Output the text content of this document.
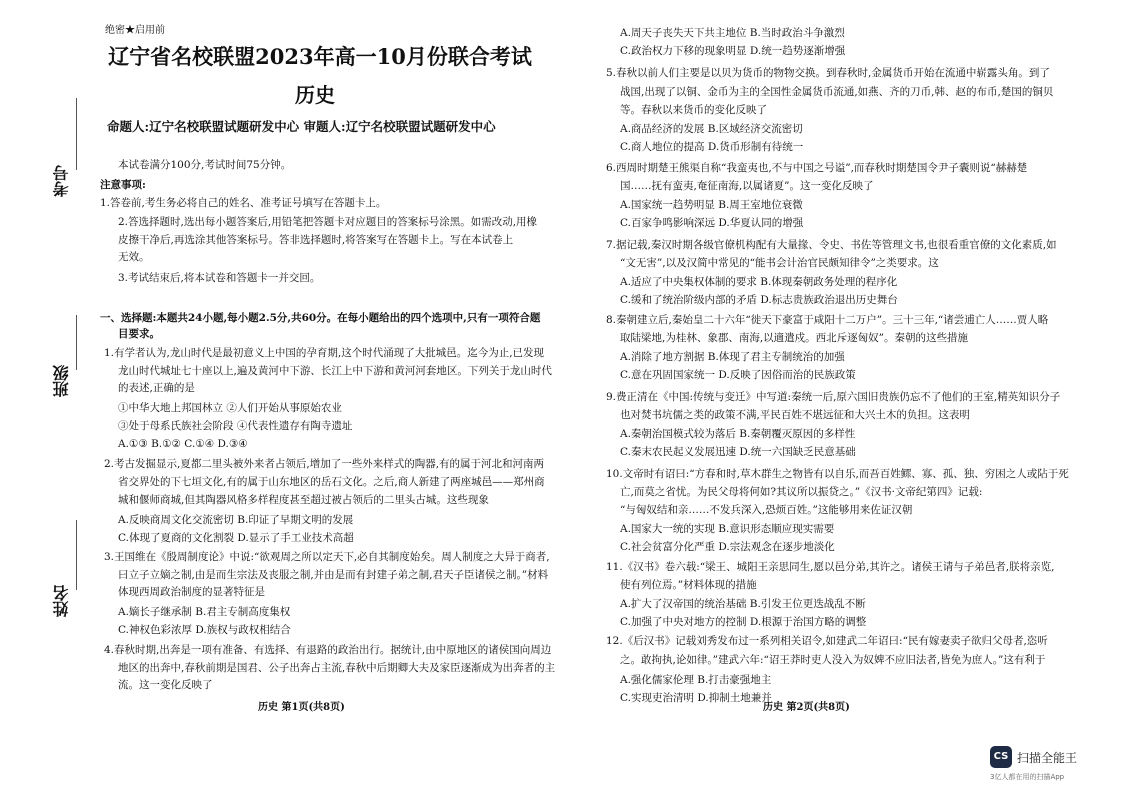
考号
班级
姓名
绝密★启用前
辽宁省名校联盟2023年高一10月份联合考试
历史
命题人:辽宁名校联盟试题研发中心 审题人:辽宁名校联盟试题研发中心
本试卷满分100分,考试时间75分钟。
注意事项:
1.答卷前,考生务必将自己的姓名、准考证号填写在答题卡上。
2.答选择题时,选出每小题答案后,用铅笔把答题卡对应题目的答案标号涂黑。如需改动,用橡
皮擦干净后,再选涂其他答案标号。答非选择题时,将答案写在答题卡上。写在本试卷上
无效。
3.考试结束后,将本试卷和答题卡一并交回。
一、选择题:本题共24小题,每小题2.5分,共60分。在每小题给出的四个选项中,只有一项符合题
目要求。
1.有学者认为,龙山时代是最初意义上中国的孕育期,这个时代涌现了大批城邑。迄今为止,已发现
龙山时代城址七十座以上,遍及黄河中下游、长江上中下游和黄河河套地区。下列关于龙山时代
的表述,正确的是
①中华大地上邦国林立 ②人们开始从事原始农业
③处于母系氏族社会阶段 ④代表性遗存有陶寺遗址
A.①③ B.①② C.①④ D.③④
2.考古发掘显示,夏都二里头被外来者占领后,增加了一些外来样式的陶器,有的属于河北和河南两
省交界处的下七垣文化,有的属于山东地区的岳石文化。之后,商人新建了两座城邑——郑州商
城和偃师商城,但其陶器风格多样程度甚至超过被占领后的二里头古城。这些现象
A.反映商周文化交流密切 B.印证了早期文明的发展
C.体现了夏商的文化割裂 D.显示了手工业技术高超
3.王国维在《殷周制度论》中说:“欲观周之所以定天下,必自其制度始矣。周人制度之大异于商者,
曰立子立嫡之制,由是而生宗法及丧服之制,并由是而有封建子弟之制,君天子臣诸侯之制。”材料
体现西周政治制度的显著特征是
A.嫡长子继承制 B.君主专制高度集权
C.神权色彩浓厚 D.族权与政权相结合
4.春秋时期,出奔是一项有准备、有选择、有退路的政治出行。据统计,由中原地区的诸侯国向周边
地区的出奔中,春秋前期是国君、公子出奔占主流,春秋中后期卿大夫及家臣逐渐成为出奔者的主
流。这一变化反映了
历史 第1页(共8页)
A.周天子丧失天下共主地位 B.当时政治斗争激烈
C.政治权力下移的现象明显 D.统一趋势逐渐增强
5.春秋以前人们主要是以贝为货币的物物交换。到春秋时,金属货币开始在流通中崭露头角。到了
战国,出现了以铜、金币为主的全国性金属货币流通,如燕、齐的刀币,韩、赵的布币,楚国的铜贝
等。春秋以来货币的变化反映了
A.商品经济的发展 B.区域经济交流密切
C.商人地位的提高 D.货币形制有待统一
6.西周时期楚王熊渠自称“我蛮夷也,不与中国之号谥”,而春秋时期楚国令尹子囊则说“赫赫楚
国……抚有蛮夷,奄征南海,以属诸夏”。这一变化反映了
A.国家统一趋势明显 B.周王室地位衰微
C.百家争鸣影响深远 D.华夏认同的增强
7.据记载,秦汉时期各级官僚机构配有大量掾、令史、书佐等管理文书,也很看重官僚的文化素质,如
“文无害”,以及汉简中常见的“能书会计治官民颇知律令”之类要求。这
A.适应了中央集权体制的要求 B.体现秦朝政务处理的程序化
C.缓和了统治阶级内部的矛盾 D.标志贵族政治退出历史舞台
8.秦朝建立后,秦始皇二十六年“徙天下豪富于咸阳十二万户”。三十三年,“诸尝逋亡人……贾人略
取陆梁地,为桂林、象郡、南海,以適遣戍。西北斥逐匈奴”。秦朝的这些措施
A.消除了地方割据 B.体现了君主专制统治的加强
C.意在巩固国家统一 D.反映了因俗而治的民族政策
9.费正清在《中国:传统与变迁》中写道:秦统一后,原六国旧贵族仍忘不了他们的王室,精英知识分子
也对焚书坑儒之类的政策不满,平民百姓不堪远征和大兴土木的负担。这表明
A.秦朝治国模式较为落后 B.秦朝覆灭原因的多样性
C.秦末农民起义发展迅速 D.统一六国缺乏民意基础
10.文帝时有诏曰:“方春和时,草木群生之物皆有以自乐,而吾百姓鳏、寡、孤、独、穷困之人或阽于死
亡,而莫之省忧。为民父母将何如?其议所以振贷之。”《汉书·文帝纪第四》记载:
“与匈奴结和亲……不发兵深入,恐烦百姓。”这能够用来佐证汉朝
A.国家大一统的实现 B.意识形态顺应现实需要
C.社会贫富分化严重 D.宗法观念在逐步地淡化
11.《汉书》卷六载:“梁王、城阳王亲思同生,愿以邑分弟,其许之。诸侯王请与子弟邑者,朕将亲览,
使有列位焉。”材料体现的措施
A.扩大了汉帝国的统治基础 B.引发王位更迭战乱不断
C.加强了中央对地方的控制 D.根源于治国方略的调整
12.《后汉书》记载刘秀发布过一系列相关诏令,如建武二年诏曰:“民有嫁妻卖子欲归父母者,恣听
之。敢拘执,论如律。”建武六年:“诏王莽时吏人没入为奴婢不应旧法者,皆免为庶人。”这有利于
A.强化儒家伦理 B.打击豪强地主
C.实现吏治清明 D.抑制土地兼并
历史 第2页(共8页)
CS 扫描全能王
3亿人都在用的扫描App
